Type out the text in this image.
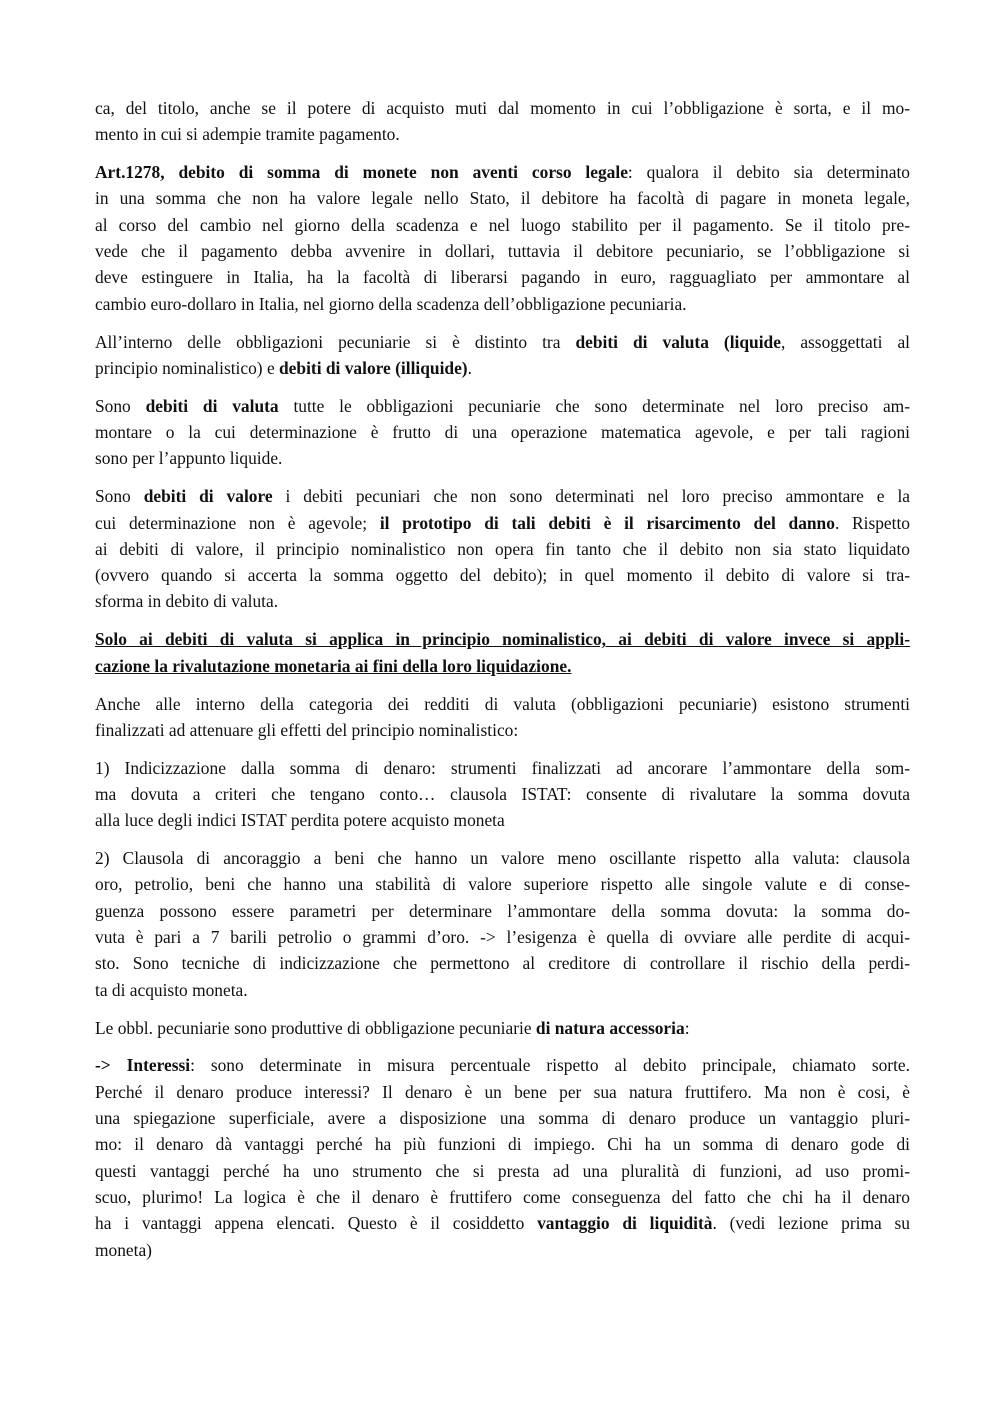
ca, del titolo, anche se il potere di acquisto muti dal momento in cui l’obbligazione è sorta, e il mo-
mento in cui si adempie tramite pagamento.
Art.1278, debito di somma di monete non aventi corso legale: qualora il debito sia determinato
in una somma che non ha valore legale nello Stato, il debitore ha facoltà di pagare in moneta legale,
al corso del cambio nel giorno della scadenza e nel luogo stabilito per il pagamento. Se il titolo pre-
vede che il pagamento debba avvenire in dollari, tuttavia il debitore pecuniario, se l’obbligazione si
deve estinguere in Italia, ha la facoltà di liberarsi pagando in euro, ragguagliato per ammontare al
cambio euro-dollaro in Italia, nel giorno della scadenza dell’obbligazione pecuniaria.
All’interno delle obbligazioni pecuniarie si è distinto tra debiti di valuta (liquide, assoggettati al
principio nominalistico) e debiti di valore (illiquide).
Sono debiti di valuta tutte le obbligazioni pecuniarie che sono determinate nel loro preciso am-
montare o la cui determinazione è frutto di una operazione matematica agevole, e per tali ragioni
sono per l’appunto liquide.
Sono debiti di valore i debiti pecuniari che non sono determinati nel loro preciso ammontare e la
cui determinazione non è agevole; il prototipo di tali debiti è il risarcimento del danno. Rispetto
ai debiti di valore, il principio nominalistico non opera fin tanto che il debito non sia stato liquidato
(ovvero quando si accerta la somma oggetto del debito); in quel momento il debito di valore si tra-
sforma in debito di valuta.
Solo ai debiti di valuta si applica in principio nominalistico, ai debiti di valore invece si appli-
cazione la rivalutazione monetaria ai fini della loro liquidazione.
Anche alle interno della categoria dei redditi di valuta (obbligazioni pecuniarie) esistono strumenti
finalizzati ad attenuare gli effetti del principio nominalistico:
1) Indicizzazione dalla somma di denaro: strumenti finalizzati ad ancorare l’ammontare della som-
ma dovuta a criteri che tengano conto… clausola ISTAT: consente di rivalutare la somma dovuta
alla luce degli indici ISTAT perdita potere acquisto moneta
2) Clausola di ancoraggio a beni che hanno un valore meno oscillante rispetto alla valuta: clausola
oro, petrolio, beni che hanno una stabilità di valore superiore rispetto alle singole valute e di conse-
guenza possono essere parametri per determinare l’ammontare della somma dovuta: la somma do-
vuta è pari a 7 barili petrolio o grammi d’oro. -> l’esigenza è quella di ovviare alle perdite di acqui-
sto. Sono tecniche di indicizzazione che permettono al creditore di controllare il rischio della perdi-
ta di acquisto moneta.
Le obbl. pecuniarie sono produttive di obbligazione pecuniarie di natura accessoria:
-> Interessi: sono determinate in misura percentuale rispetto al debito principale, chiamato sorte.
Perché il denaro produce interessi? Il denaro è un bene per sua natura fruttifero. Ma non è cosi, è
una spiegazione superficiale, avere a disposizione una somma di denaro produce un vantaggio pluri-
mo: il denaro dà vantaggi perché ha più funzioni di impiego. Chi ha un somma di denaro gode di
questi vantaggi perché ha uno strumento che si presta ad una pluralità di funzioni, ad uso promi-
scuo, plurimo! La logica è che il denaro è fruttifero come conseguenza del fatto che chi ha il denaro
ha i vantaggi appena elencati. Questo è il cosiddetto vantaggio di liquidità. (vedi lezione prima su
moneta)
